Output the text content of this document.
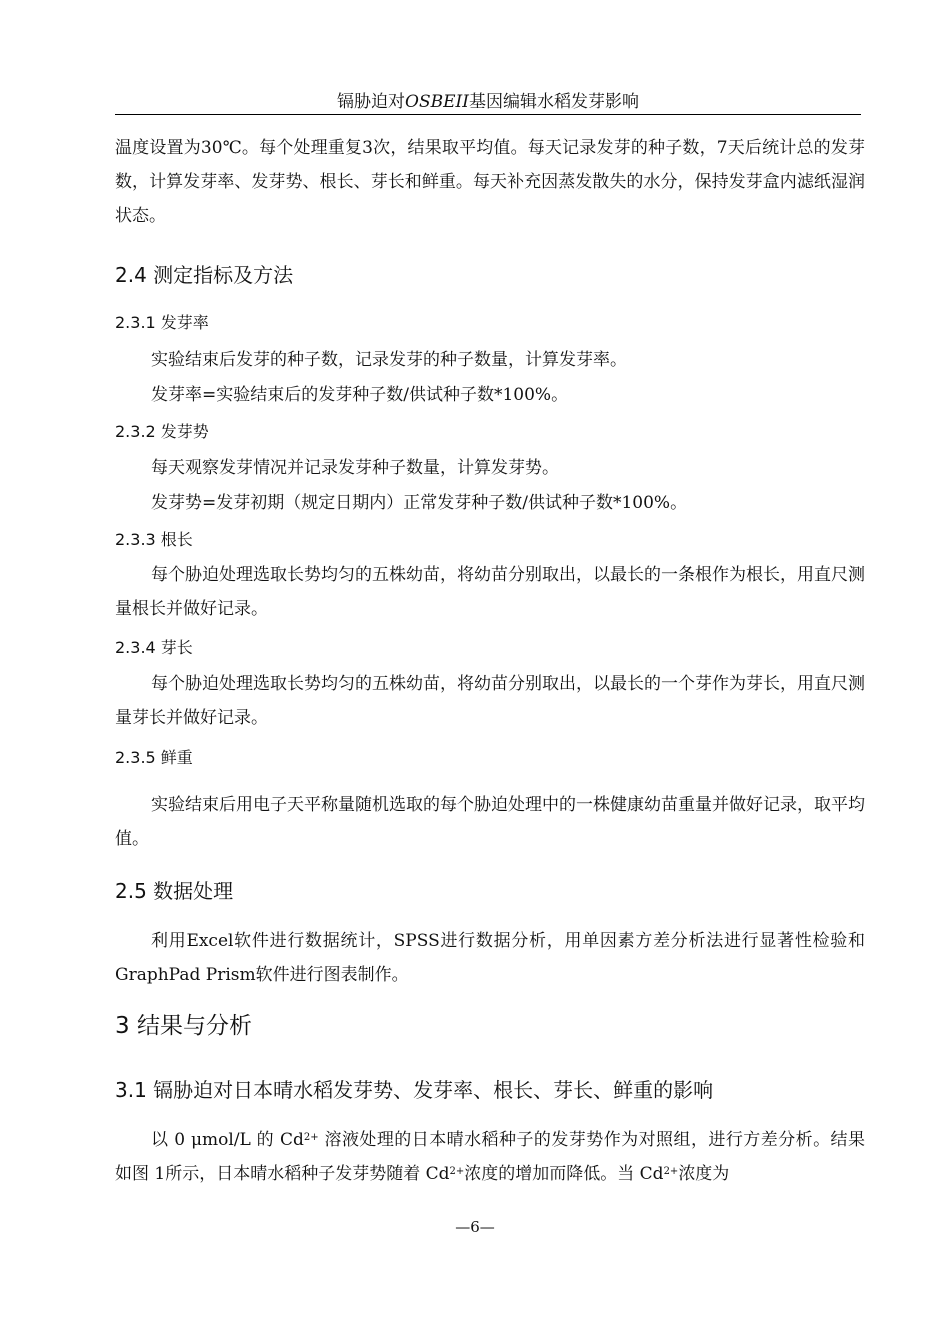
镉胁迫对OSBEII基因编辑水稻发芽影响
温度设置为30℃。每个处理重复3次，结果取平均值。每天记录发芽的种子数，7天后统计总的发芽数，计算发芽率、发芽势、根长、芽长和鲜重。每天补充因蒸发散失的水分，保持发芽盒内滤纸湿润状态。
2.4 测定指标及方法
2.3.1 发芽率
实验结束后发芽的种子数，记录发芽的种子数量，计算发芽率。
发芽率=实验结束后的发芽种子数/供试种子数*100%。
2.3.2 发芽势
每天观察发芽情况并记录发芽种子数量，计算发芽势。
发芽势=发芽初期（规定日期内）正常发芽种子数/供试种子数*100%。
2.3.3 根长
每个胁迫处理选取长势均匀的五株幼苗，将幼苗分别取出，以最长的一条根作为根长，用直尺测量根长并做好记录。
2.3.4 芽长
每个胁迫处理选取长势均匀的五株幼苗，将幼苗分别取出，以最长的一个芽作为芽长，用直尺测量芽长并做好记录。
2.3.5 鲜重
实验结束后用电子天平称量随机选取的每个胁迫处理中的一株健康幼苗重量并做好记录，取平均值。
2.5 数据处理
利用Excel软件进行数据统计，SPSS进行数据分析，用单因素方差分析法进行显著性检验和GraphPad Prism软件进行图表制作。
3 结果与分析
3.1 镉胁迫对日本晴水稻发芽势、发芽率、根长、芽长、鲜重的影响
以 0 μmol/L 的 $Cd^{2+}$ 溶液处理的日本晴水稻种子的发芽势作为对照组，进行方差分析。结果如图 1所示，日本晴水稻种子发芽势随着 $Cd^{2+}$浓度的增加而降低。当 $Cd^{2+}$浓度为
—6—
